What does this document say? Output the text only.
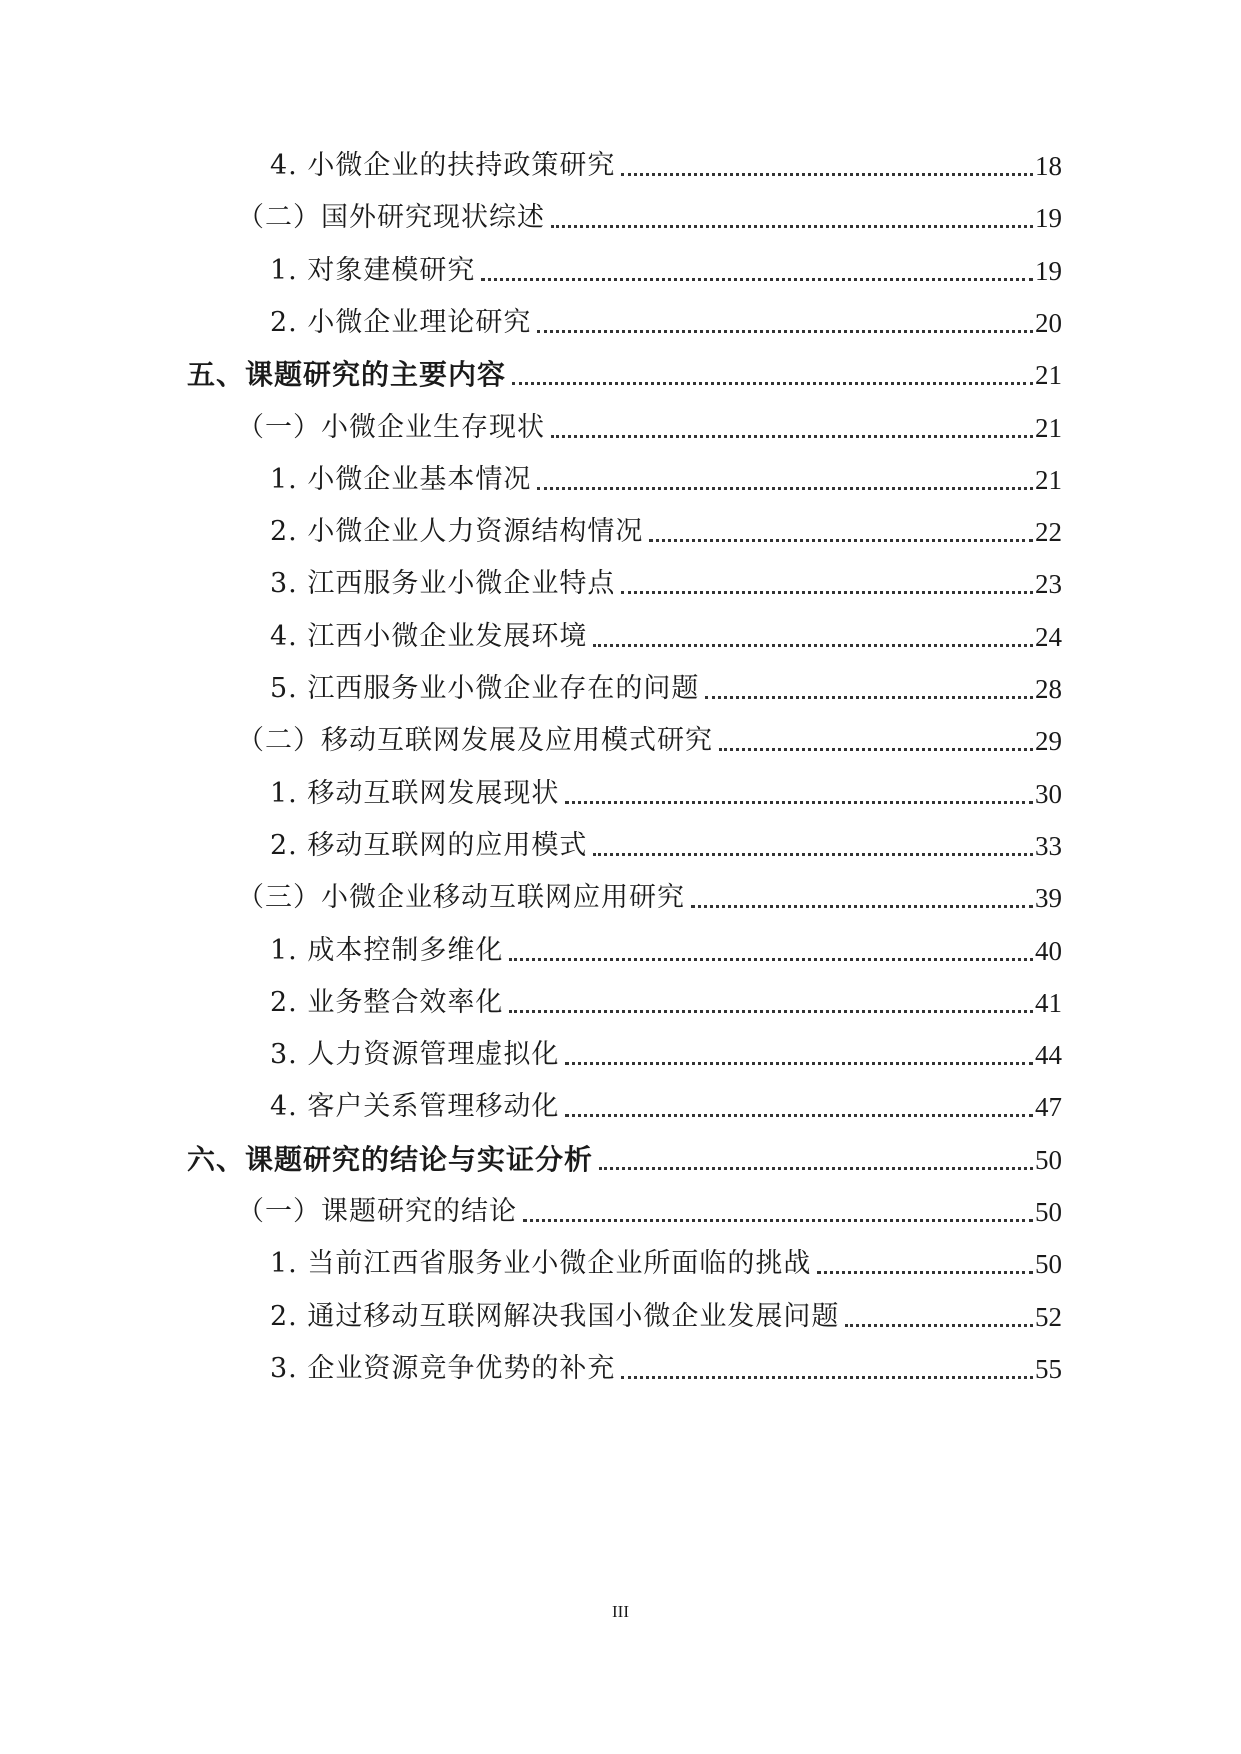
4. 小微企业的扶持政策研究	18
（二）国外研究现状综述	19
1. 对象建模研究	19
2. 小微企业理论研究	20
五、课题研究的主要内容	21
（一）小微企业生存现状	21
1. 小微企业基本情况	21
2. 小微企业人力资源结构情况	22
3. 江西服务业小微企业特点	23
4. 江西小微企业发展环境	24
5. 江西服务业小微企业存在的问题	28
（二）移动互联网发展及应用模式研究	29
1. 移动互联网发展现状	30
2. 移动互联网的应用模式	33
（三）小微企业移动互联网应用研究	39
1. 成本控制多维化	40
2. 业务整合效率化	41
3. 人力资源管理虚拟化	44
4. 客户关系管理移动化	47
六、课题研究的结论与实证分析	50
（一）课题研究的结论	50
1. 当前江西省服务业小微企业所面临的挑战	50
2. 通过移动互联网解决我国小微企业发展问题	52
3. 企业资源竞争优势的补充	55
III
